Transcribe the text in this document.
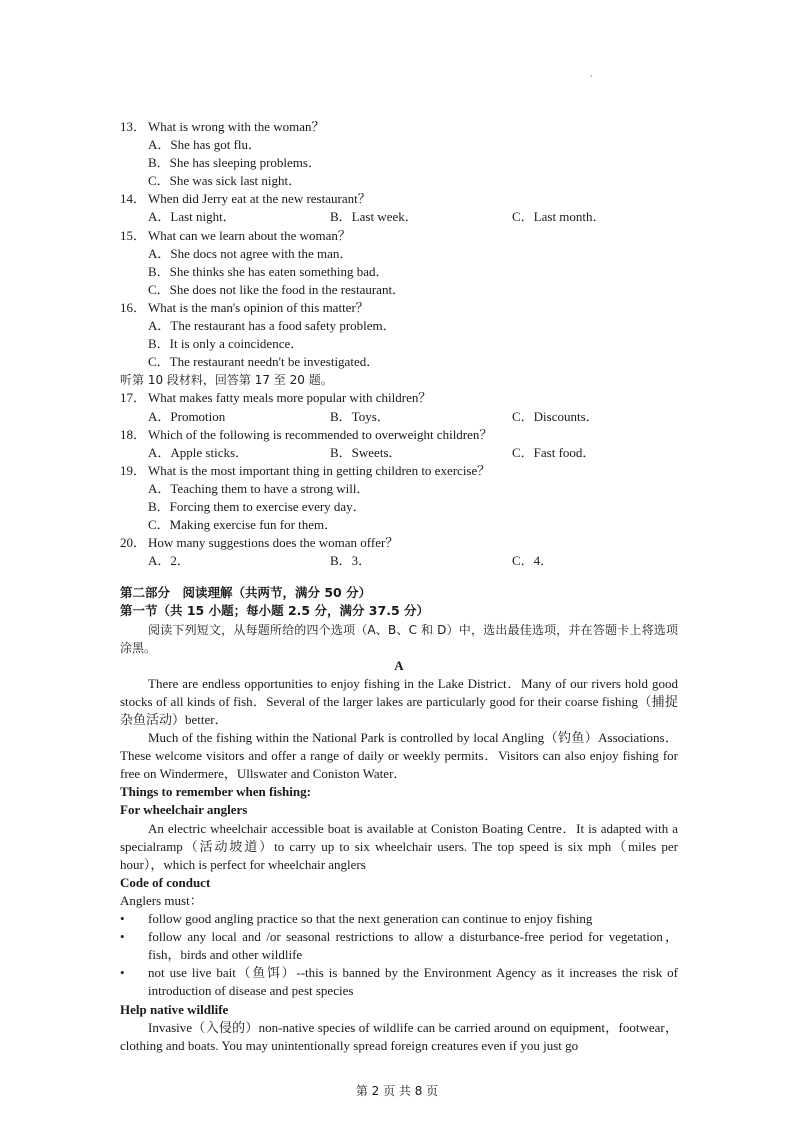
13． What is wrong with the woman？
A．She has got flu．
B．She has sleeping problems．
C．She was sick last night．
14． When did Jerry eat at the new restaurant？
A．Last night．	B．Last week．	C．Last month．
15． What can we learn about the woman？
A．She docs not agree with the man．
B．She thinks she has eaten something bad．
C．She does not like the food in the restaurant．
16． What is the man's opinion of this matter？
A．The restaurant has a food safety problem．
B．It is only a coincidence．
C．The restaurant needn't be investigated．
听第 10 段材料，回答第 17 至 20 题。
17． What makes fatty meals more popular with children？
A．Promotion	B．Toys．	C．Discounts．
18． Which of the following is recommended to overweight children？
A．Apple sticks．	B．Sweets．	C．Fast food．
19． What is the most important thing in getting children to exercise？
A．Teaching them to have a strong will．
B．Forcing them to exercise every day．
C．Making exercise fun for them．
20． How many suggestions does the woman offer？
A．2．	B．3．	C．4．
第二部分　阅读理解（共两节，满分 50 分）
第一节（共 15 小题；每小题 2.5 分，满分 37.5 分）

阅读下列短文，从每题所给的四个选项（A、B、C 和 D）中，选出最佳选项，并在答题卡上将选项涂黑。

A

There are endless opportunities to enjoy fishing in the Lake District．Many of our rivers hold good stocks of all kinds of fish．Several of the larger lakes are particularly good for their coarse fishing（捕捉杂鱼活动）better．

Much of the fishing within the National Park is controlled by local Angling（钓鱼）Associations．These welcome visitors and offer a range of daily or weekly permits．Visitors can also enjoy fishing for free on Windermere，Ullswater and Coniston Water．

Things to remember when fishing:
For wheelchair anglers

An electric wheelchair accessible boat is available at Coniston Boating Centre．It is adapted with a specialramp（活动坡道）to carry up to six wheelchair users. The top speed is six mph（miles per hour），which is perfect for wheelchair anglers

Code of conduct
Anglers must：
• follow good angling practice so that the next generation can continue to enjoy fishing
• follow any local and /or seasonal restrictions to allow a disturbance-free period for vegetation，fish，birds and other wildlife
• not use live bait（鱼饵）--this is banned by the Environment Agency as it increases the risk of introduction of disease and pest species
Help native wildlife

Invasive（入侵的）non-native species of wildlife can be carried around on equipment，footwear，clothing and boats. You may unintentionally spread foreign creatures even if you just go

第 2 页 共 8 页
